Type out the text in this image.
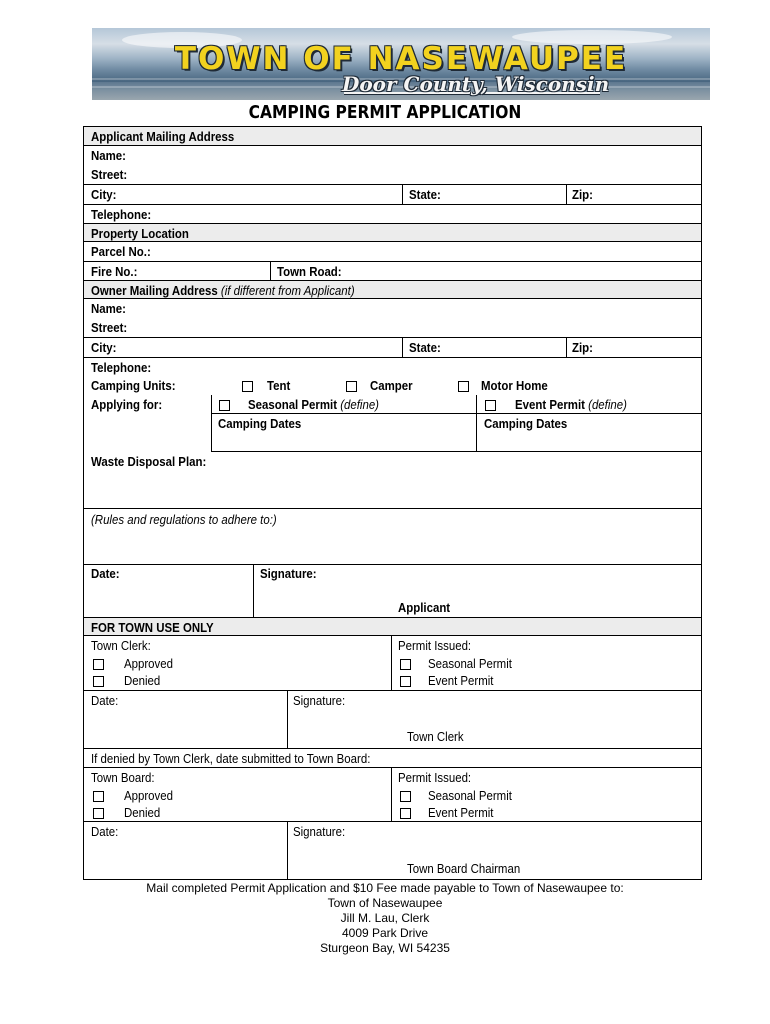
TOWN OF NASEWAUPEE
Door County, Wisconsin
CAMPING PERMIT APPLICATION
Applicant Mailing Address
Name:
Street:
City:	State:	Zip:
Telephone:
Property Location
Parcel No.:
Fire No.:	Town Road:
Owner Mailing Address (if different from Applicant)
Name:
Street:
City:	State:	Zip:
Telephone:
Camping Units:	Tent	Camper	Motor Home
Applying for:	Seasonal Permit (define)	Event Permit (define)
Camping Dates	Camping Dates
Waste Disposal Plan:
(Rules and regulations to adhere to:)
Date:	Signature:
Applicant
FOR TOWN USE ONLY
Town Clerk:
Approved
Denied
Permit Issued:
Seasonal Permit
Event Permit
Date:	Signature:
Town Clerk
If denied by Town Clerk, date submitted to Town Board:
Town Board:
Approved
Denied
Permit Issued:
Seasonal Permit
Event Permit
Date:	Signature:
Town Board Chairman
Mail completed Permit Application and $10 Fee made payable to Town of Nasewaupee to:
Town of Nasewaupee
Jill M. Lau, Clerk
4009 Park Drive
Sturgeon Bay, WI 54235
